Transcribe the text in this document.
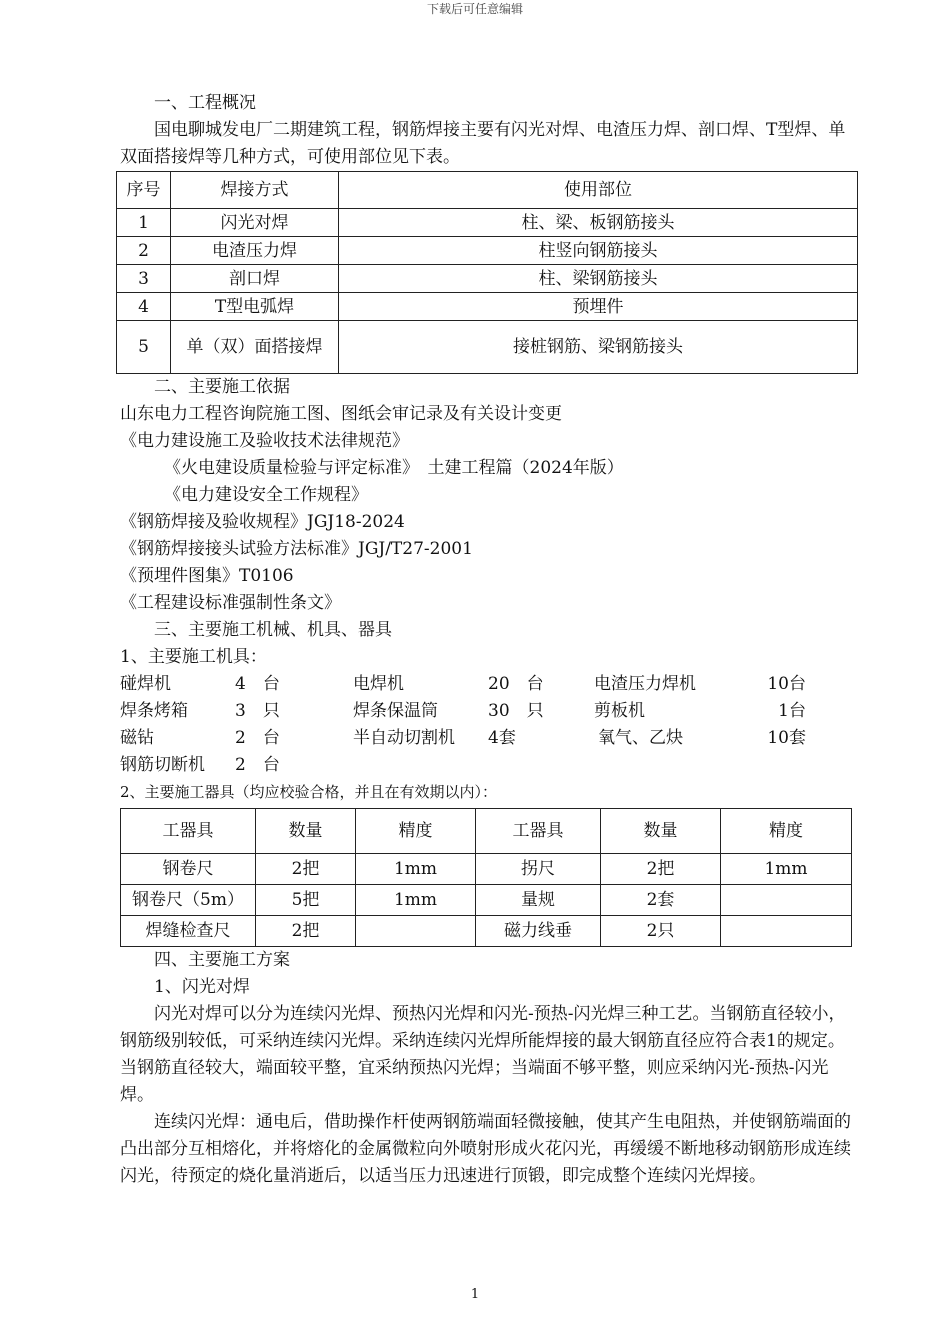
下载后可任意编辑

一、工程概况

国电聊城发电厂二期建筑工程，钢筋焊接主要有闪光对焊、电渣压力焊、剖口焊、T型焊、单双面搭接焊等几种方式，可使用部位见下表。

序号	焊接方式	使用部位
1	闪光对焊	柱、梁、板钢筋接头
2	电渣压力焊	柱竖向钢筋接头
3	剖口焊	柱、梁钢筋接头
4	T型电弧焊	预埋件
5	单（双）面搭接焊	接桩钢筋、梁钢筋接头

二、主要施工依据

山东电力工程咨询院施工图、图纸会审记录及有关设计变更

《电力建设施工及验收技术法律规范》

《火电建设质量检验与评定标准》　土建工程篇（2024年版）

《电力建设安全工作规程》

《钢筋焊接及验收规程》JGJ18-2024

《钢筋焊接接头试验方法标准》JGJ/T27-2001

《预埋件图集》T0106

《工程建设标准强制性条文》

三、主要施工机械、机具、器具

1、主要施工机具：

碰焊机	4　台	电焊机	20　台	电渣压力焊机	10台
焊条烤箱	3　只	焊条保温筒	30　只	剪板机	1台
磁钻	2　台	半自动切割机	4套	氧气、乙炔	10套
钢筋切断机	2　台

2、主要施工器具（均应校验合格，并且在有效期以内）：

工器具	数量	精度	工器具	数量	精度
钢卷尺	2把	1mm	拐尺	2把	1mm
钢卷尺（5m）	5把	1mm	量规	2套	
焊缝检查尺	2把		磁力线垂	2只	

四、主要施工方案

1、闪光对焊

闪光对焊可以分为连续闪光焊、预热闪光焊和闪光-预热-闪光焊三种工艺。当钢筋直径较小，钢筋级别较低，可采纳连续闪光焊。采纳连续闪光焊所能焊接的最大钢筋直径应符合表1的规定。当钢筋直径较大，端面较平整，宜采纳预热闪光焊；当端面不够平整，则应采纳闪光-预热-闪光焊。

连续闪光焊：通电后，借助操作杆使两钢筋端面轻微接触，使其产生电阻热，并使钢筋端面的凸出部分互相熔化，并将熔化的金属微粒向外喷射形成火花闪光，再缓缓不断地移动钢筋形成连续闪光，待预定的烧化量消逝后，以适当压力迅速进行顶锻，即完成整个连续闪光焊接。

1
